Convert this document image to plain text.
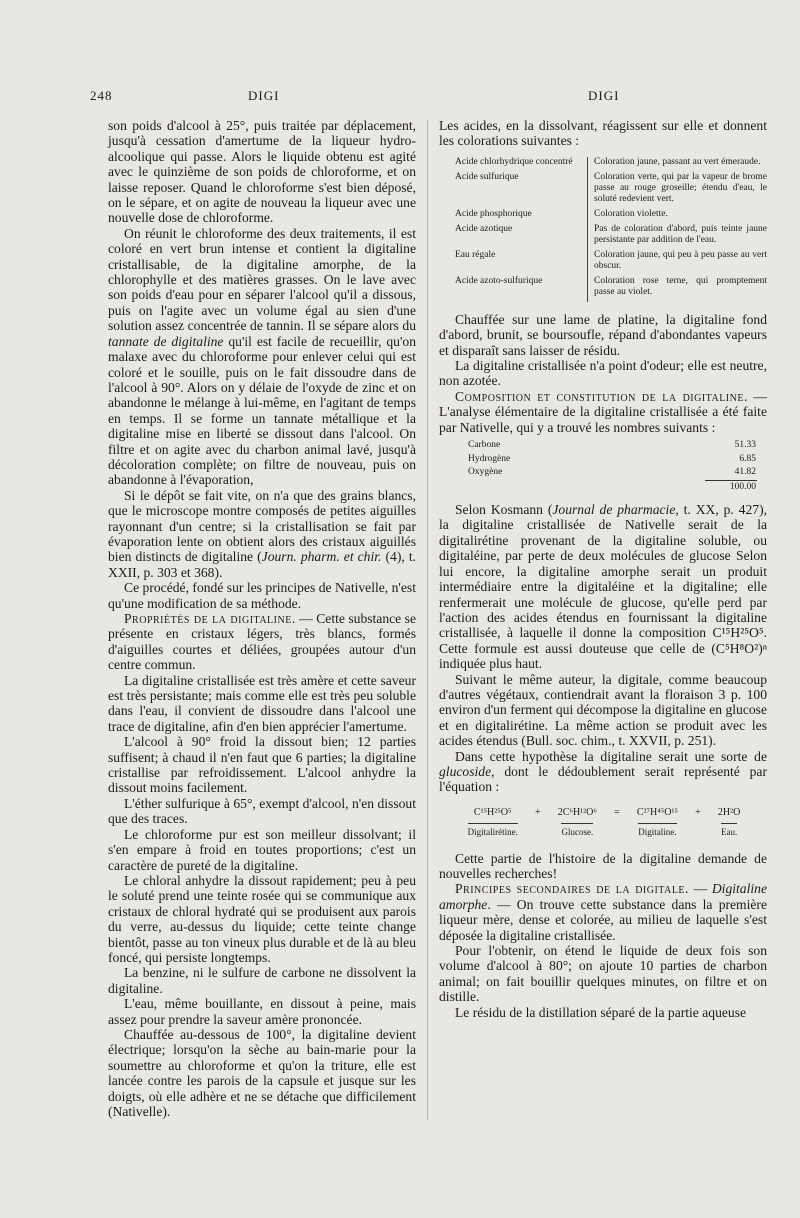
248	DIGI	DIGI

son poids d'alcool à 25°, puis traitée par déplacement, jusqu'à cessation d'amertume de la liqueur hydro-alcoolique qui passe. Alors le liquide obtenu est agité avec le quinzième de son poids de chloroforme, et on laisse reposer. Quand le chloroforme s'est bien déposé, on le sépare, et on agite de nouveau la liqueur avec une nouvelle dose de chloroforme.

On réunit le chloroforme des deux traitements, il est coloré en vert brun intense et contient la digitaline cristallisable, de la digitaline amorphe, de la chlorophylle et des matières grasses. On le lave avec son poids d'eau pour en séparer l'alcool qu'il a dissous, puis on l'agite avec un volume égal au sien d'une solution assez concentrée de tannin. Il se sépare alors du tannate de digitaline qu'il est facile de recueillir, qu'on malaxe avec du chloroforme pour enlever celui qui est coloré et le souille, puis on le fait dissoudre dans de l'alcool à 90°. Alors on y délaie de l'oxyde de zinc et on abandonne le mélange à lui-même, en l'agitant de temps en temps. Il se forme un tannate métallique et la digitaline mise en liberté se dissout dans l'alcool. On filtre et on agite avec du charbon animal lavé, jusqu'à décoloration complète; on filtre de nouveau, puis on abandonne à l'évaporation,

Si le dépôt se fait vite, on n'a que des grains blancs, que le microscope montre composés de petites aiguilles rayonnant d'un centre; si la cristallisation se fait par évaporation lente on obtient alors des cristaux aiguillés bien distincts de digitaline (Journ. pharm. et chir. (4), t. XXII, p. 303 et 368).

Ce procédé, fondé sur les principes de Nativelle, n'est qu'une modification de sa méthode.

Propriétés de la digitaline. — Cette substance se présente en cristaux légers, très blancs, formés d'aiguilles courtes et déliées, groupées autour d'un centre commun.

La digitaline cristallisée est très amère et cette saveur est très persistante; mais comme elle est très peu soluble dans l'eau, il convient de dissoudre dans l'alcool une trace de digitaline, afin d'en bien apprécier l'amertume.

L'alcool à 90° froid la dissout bien; 12 parties suffisent; à chaud il n'en faut que 6 parties; la digitaline cristallise par refroidissement. L'alcool anhydre la dissout moins facilement.

L'éther sulfurique à 65°, exempt d'alcool, n'en dissout que des traces.

Le chloroforme pur est son meilleur dissolvant; il s'en empare à froid en toutes proportions; c'est un caractère de pureté de la digitaline.

Le chloral anhydre la dissout rapidement; peu à peu le soluté prend une teinte rosée qui se communique aux cristaux de chloral hydraté qui se produisent aux parois du verre, au-dessus du liquide; cette teinte change bientôt, passe au ton vineux plus durable et de là au bleu foncé, qui persiste longtemps.

La benzine, ni le sulfure de carbone ne dissolvent la digitaline.

L'eau, même bouillante, en dissout à peine, mais assez pour prendre la saveur amère prononcée.

Chauffée au-dessous de 100°, la digitaline devient électrique; lorsqu'on la sèche au bain-marie pour la soumettre au chloroforme et qu'on la triture, elle est lancée contre les parois de la capsule et jusque sur les doigts, où elle adhère et ne se détache que difficilement (Nativelle).

Les acides, en la dissolvant, réagissent sur elle et donnent les colorations suivantes :

Acide chlorhydrique concentré	Coloration jaune, passant au vert émeraude.
Acide sulfurique	Coloration verte, qui par la vapeur de brome passe au rouge groseille; étendu d'eau, le soluté redevient vert.
Acide phosphorique	Coloration violette.
Acide azotique	Pas de coloration d'abord, puis teinte jaune persistante par addition de l'eau.
Eau régale	Coloration jaune, qui peu à peu passe au vert obscur.
Acide azoto-sulfurique	Coloration rose terne, qui promptement passe au violet.

Chauffée sur une lame de platine, la digitaline fond d'abord, brunit, se boursoufle, répand d'abondantes vapeurs et disparaît sans laisser de résidu.

La digitaline cristallisée n'a point d'odeur; elle est neutre, non azotée.

Composition et constitution de la digitaline. — L'analyse élémentaire de la digitaline cristallisée a été faite par Nativelle, qui y a trouvé les nombres suivants :

Carbone	51.33
Hydrogène	6.85
Oxygène	41.82
	100.00

Selon Kosmann (Journal de pharmacie, t. XX, p. 427), la digitaline cristallisée de Nativelle serait de la digitalirétine provenant de la digitaline soluble, ou digitaléine, par perte de deux molécules de glucose Selon lui encore, la digitaline amorphe serait un produit intermédiaire entre la digitaléine et la digitaline; elle renfermerait une molécule de glucose, qu'elle perd par l'action des acides étendus en fournissant la digitaline cristallisée, à laquelle il donne la composition C¹⁵H²⁵O⁵. Cette formule est aussi douteuse que celle de (C⁵H⁸O²)ⁿ indiquée plus haut.

Suivant le même auteur, la digitale, comme beaucoup d'autres végétaux, contiendrait avant la floraison 3 p. 100 environ d'un ferment qui décompose la digitaline en glucose et en digitalirétine. La même action se produit avec les acides étendus (Bull. soc. chim., t. XXVII, p. 251).

Dans cette hypothèse la digitaline serait une sorte de glucoside, dont le dédoublement serait représenté par l'équation :

C¹⁵H²⁵O⁵
Digitalirétine.
+ 2C⁶H¹²O⁶
Glucose.
= C²⁷H⁴⁵O¹⁵
Digitaline.
+ 2H²O
Eau.

Cette partie de l'histoire de la digitaline demande de nouvelles recherches!

Principes secondaires de la digitale. — Digitaline amorphe. — On trouve cette substance dans la première liqueur mère, dense et colorée, au milieu de laquelle s'est déposée la digitaline cristallisée.

Pour l'obtenir, on étend le liquide de deux fois son volume d'alcool à 80°; on ajoute 10 parties de charbon animal; on fait bouillir quelques minutes, on filtre et on distille.

Le résidu de la distillation séparé de la partie aqueuse
